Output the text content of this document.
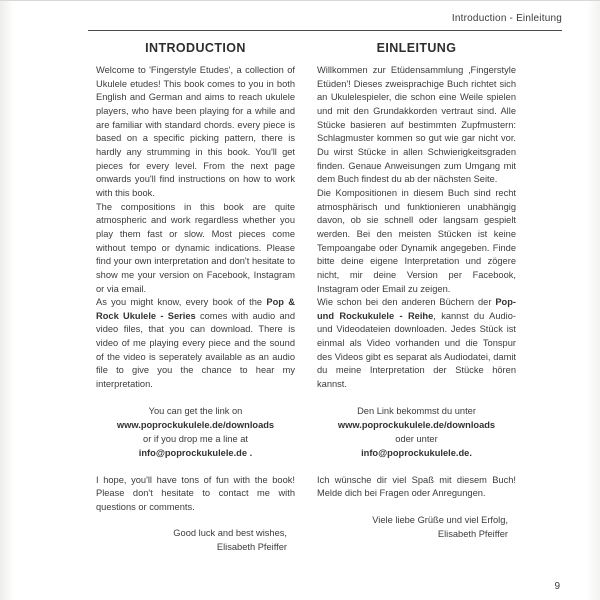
Introduction - Einleitung
INTRODUCTION

Welcome to 'Fingerstyle Etudes', a collection of Ukulele etudes! This book comes to you in both English and German and aims to reach ukulele players, who have been playing for a while and are familiar with standard chords. every piece is based on a specific picking pattern, there is hardly any strumming in this book. You'll get pieces for every level. From the next page onwards you'll find instructions on how to work with this book.

The compositions in this book are quite atmospheric and work regardless whether you play them fast or slow. Most pieces come without tempo or dynamic indications. Please find your own interpretation and don't hesitate to show me your version on Facebook, Instagram or via email.

As you might know, every book of the Pop & Rock Ukulele - Series comes with audio and video files, that you can download. There is video of me playing every piece and the sound of the video is seperately available as an audio file to give you the chance to hear my interpretation.

You can get the link on
www.poprockukulele.de/downloads
or if you drop me a line at
info@poprockukulele.de .

I hope, you'll have tons of fun with the book! Please don't hesitate to contact me with questions or comments.

Good luck and best wishes,
Elisabeth Pfeiffer
EINLEITUNG

Willkommen zur Etüdensammlung ‚Fingerstyle Etüden'! Dieses zweisprachige Buch richtet sich an Ukulelespieler, die schon eine Weile spielen und mit den Grundakkorden vertraut sind. Alle Stücke basieren auf bestimmten Zupfmustern: Schlagmuster kommen so gut wie gar nicht vor. Du wirst Stücke in allen Schwierigkeitsgraden finden. Genaue Anweisungen zum Umgang mit dem Buch findest du ab der nächsten Seite.

Die Kompositionen in diesem Buch sind recht atmosphärisch und funktionieren unabhängig davon, ob sie schnell oder langsam gespielt werden. Bei den meisten Stücken ist keine Tempoangabe oder Dynamik angegeben. Finde bitte deine eigene Interpretation und zögere nicht, mir deine Version per Facebook, Instagram oder Email zu zeigen.

Wie schon bei den anderen Büchern der Pop- und Rockukulele - Reihe, kannst du Audio- und Videodateien downloaden. Jedes Stück ist einmal als Video vorhanden und die Tonspur des Videos gibt es separat als Audiodatei, damit du meine Interpretation der Stücke hören kannst.

Den Link bekommst du unter
www.poprockukulele.de/downloads
oder unter
info@poprockukulele.de.

Ich wünsche dir viel Spaß mit diesem Buch! Melde dich bei Fragen oder Anregungen.

Viele liebe Grüße und viel Erfolg,
Elisabeth Pfeiffer
9
